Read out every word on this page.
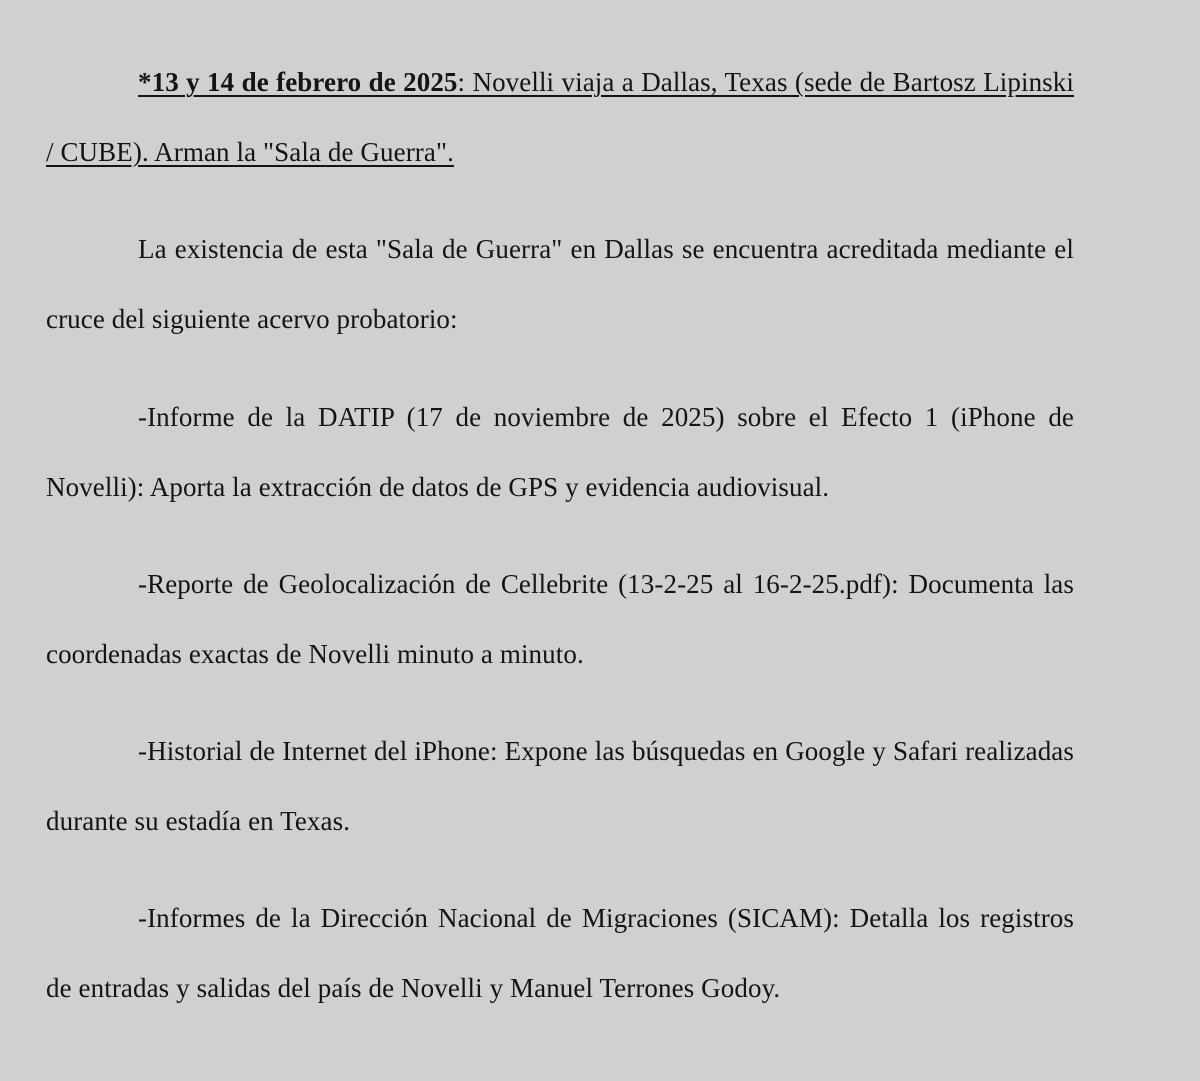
*13 y 14 de febrero de 2025: Novelli viaja a Dallas, Texas (sede de Bartosz Lipinski / CUBE). Arman la "Sala de Guerra".

La existencia de esta "Sala de Guerra" en Dallas se encuentra acreditada mediante el cruce del siguiente acervo probatorio:

-Informe de la DATIP (17 de noviembre de 2025) sobre el Efecto 1 (iPhone de Novelli): Aporta la extracción de datos de GPS y evidencia audiovisual.

-Reporte de Geolocalización de Cellebrite (13-2-25 al 16-2-25.pdf): Documenta las coordenadas exactas de Novelli minuto a minuto.

-Historial de Internet del iPhone: Expone las búsquedas en Google y Safari realizadas durante su estadía en Texas.

-Informes de la Dirección Nacional de Migraciones (SICAM): Detalla los registros de entradas y salidas del país de Novelli y Manuel Terrones Godoy.
